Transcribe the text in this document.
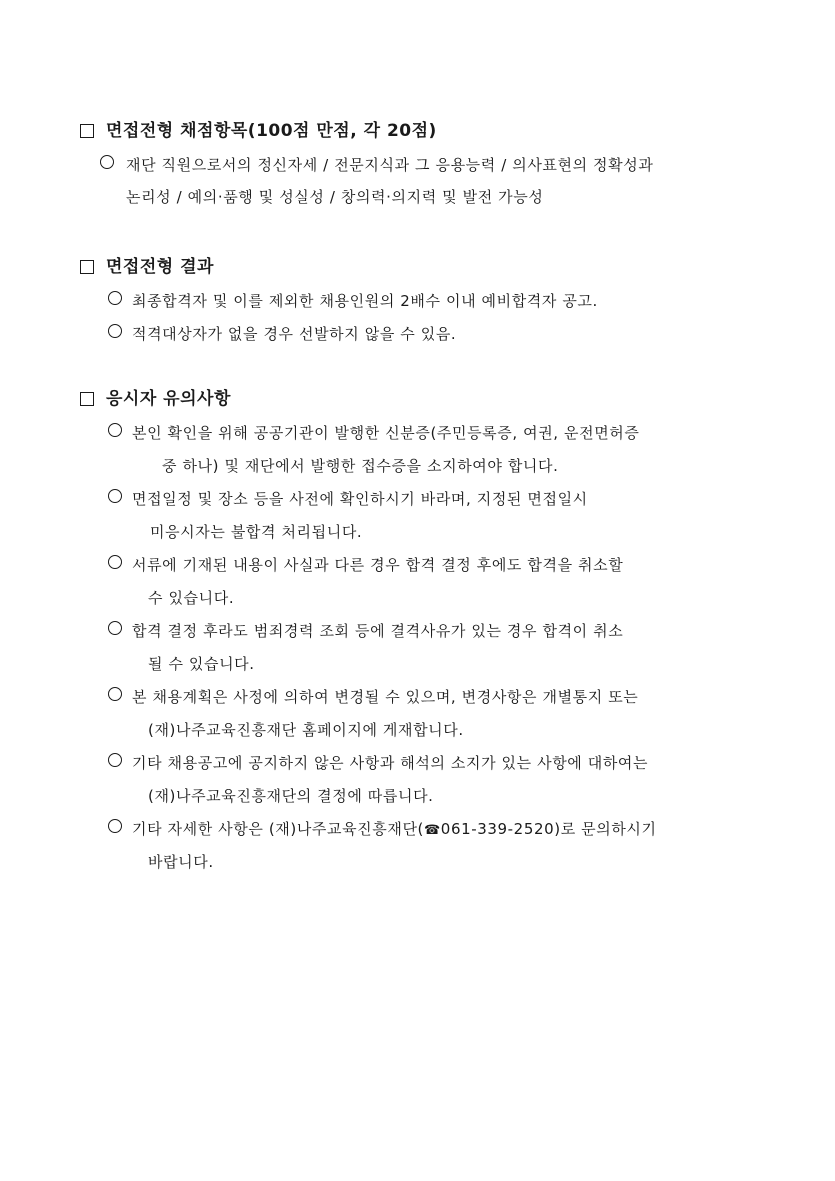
면접전형 채점항목(100점 만점, 각 20점)
재단 직원으로서의 정신자세 / 전문지식과 그 응용능력 / 의사표현의 정확성과
논리성 / 예의·품행 및 성실성 / 창의력·의지력 및 발전 가능성
면접전형 결과
최종합격자 및 이를 제외한 채용인원의 2배수 이내 예비합격자 공고.
적격대상자가 없을 경우 선발하지 않을 수 있음.
응시자 유의사항
본인 확인을 위해 공공기관이 발행한 신분증(주민등록증, 여권, 운전면허증
중 하나) 및 재단에서 발행한 접수증을 소지하여야 합니다.
면접일정 및 장소 등을 사전에 확인하시기 바라며, 지정된 면접일시
미응시자는 불합격 처리됩니다.
서류에 기재된 내용이 사실과 다른 경우 합격 결정 후에도 합격을 취소할
수 있습니다.
합격 결정 후라도 범죄경력 조회 등에 결격사유가 있는 경우 합격이 취소
될 수 있습니다.
본 채용계획은 사정에 의하여 변경될 수 있으며, 변경사항은 개별통지 또는
(재)나주교육진흥재단 홈페이지에 게재합니다.
기타 채용공고에 공지하지 않은 사항과 해석의 소지가 있는 사항에 대하여는
(재)나주교육진흥재단의 결정에 따릅니다.
기타 자세한 사항은 (재)나주교육진흥재단(☎061-339-2520)로 문의하시기
바랍니다.
